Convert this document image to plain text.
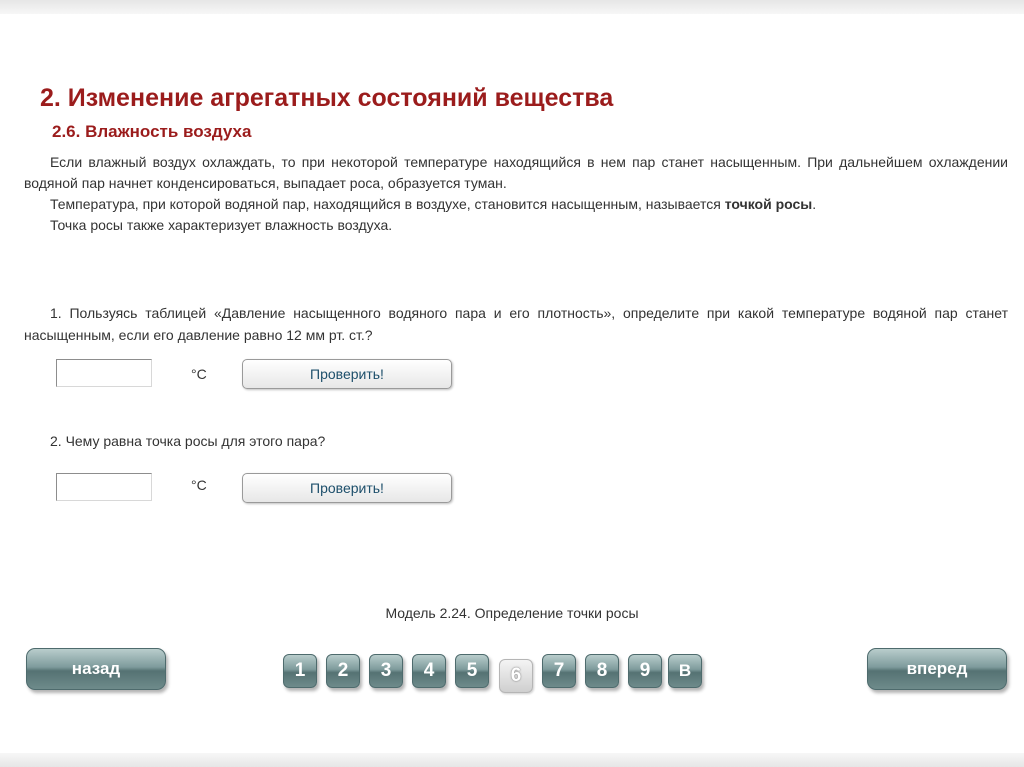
2. Изменение агрегатных состояний вещества
2.6. Влажность воздуха

Если влажный воздух охлаждать, то при некоторой температуре находящийся в нем пар станет насыщенным. При дальнейшем охлаждении водяной пар начнет конденсироваться, выпадает роса, образуется туман.

Температура, при которой водяной пар, находящийся в воздухе, становится насыщенным, называется точкой росы.

Точка росы также характеризует влажность воздуха.

1. Пользуясь таблицей «Давление насыщенного водяного пара и его плотность», определите при какой температуре водяной пар станет насыщенным, если его давление равно 12 мм рт. ст.?

°C	Проверить!

2. Чему равна точка росы для этого пара?

°C	Проверить!
Модель 2.24. Определение точки росы
назад	1	2	3	4	5	6	7	8	9	В	вперед
